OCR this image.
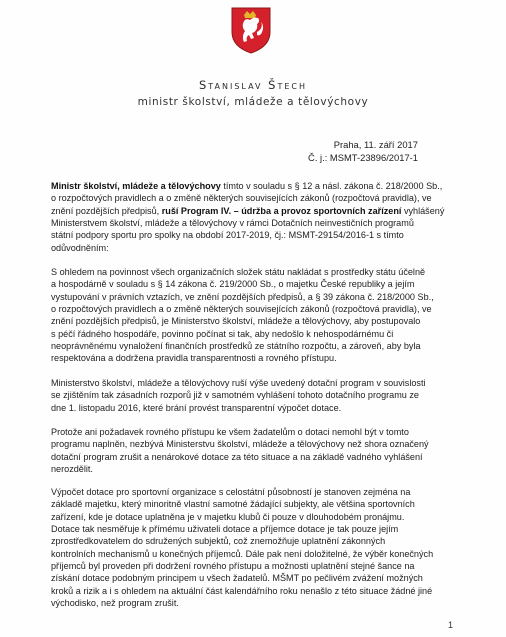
Stanislav Štech
ministr školství, mládeže a tělovýchovy
Praha, 11. září 2017
Č. j.: MSMT-23896/2017-1
Ministr školství, mládeže a tělovýchovy tímto v souladu s § 12 a násl. zákona č. 218/2000 Sb.,
o rozpočtových pravidlech a o změně některých souvisejících zákonů (rozpočtová pravidla), ve
znění pozdějších předpisů, ruší Program IV. – údržba a provoz sportovních zařízení vyhlášený
Ministerstvem školství, mládeže a tělovýchovy v rámci Dotačních neinvestičních programů
státní podpory sportu pro spolky na období 2017-2019, čj.: MSMT-29154/2016-1 s tímto
odůvodněním:
S ohledem na povinnost všech organizačních složek státu nakládat s prostředky státu účelně
a hospodárně v souladu s § 14 zákona č. 219/2000 Sb., o majetku České republiky a jejím
vystupování v právních vztazích, ve znění pozdějších předpisů, a § 39 zákona č. 218/2000 Sb.,
o rozpočtových pravidlech a o změně některých souvisejících zákonů (rozpočtová pravidla), ve
znění pozdějších předpisů, je Ministerstvo školství, mládeže a tělovýchovy, aby postupovalo
s péčí řádného hospodáře, povinno počínat si tak, aby nedošlo k nehospodárnému či
neoprávněnému vynaložení finančních prostředků ze státního rozpočtu, a zároveň, aby byla
respektována a dodržena pravidla transparentnosti a rovného přístupu.
Ministerstvo školství, mládeže a tělovýchovy ruší výše uvedený dotační program v souvislosti
se zjištěním tak zásadních rozporů již v samotném vyhlášení tohoto dotačního programu ze
dne 1. listopadu 2016, které brání provést transparentní výpočet dotace.
Protože ani požadavek rovného přístupu ke všem žadatelům o dotaci nemohl být v tomto
programu naplněn, nezbývá Ministerstvu školství, mládeže a tělovýchovy než shora označený
dotační program zrušit a nenárokové dotace za této situace a na základě vadného vyhlášení
nerozdělit.
Výpočet dotace pro sportovní organizace s celostátní působností je stanoven zejména na
základě majetku, který minoritně vlastní samotné žádající subjekty, ale většina sportovních
zařízení, kde je dotace uplatněna je v majetku klubů či pouze v dlouhodobém pronájmu.
Dotace tak nesměřuje k přímému uživateli dotace a příjemce dotace je tak pouze jejím
zprostředkovatelem do sdružených subjektů, což znemožňuje uplatnění zákonných
kontrolních mechanismů u konečných příjemců. Dále pak není doložitelné, že výběr konečných
příjemců byl proveden při dodržení rovného přístupu a možnosti uplatnění stejné šance na
získání dotace podobným principem u všech žadatelů. MŠMT po pečlivém zvážení možných
kroků a rizik a i s ohledem na aktuální část kalendářního roku nenašlo z této situace žádné jiné
východisko, než program zrušit.
1
